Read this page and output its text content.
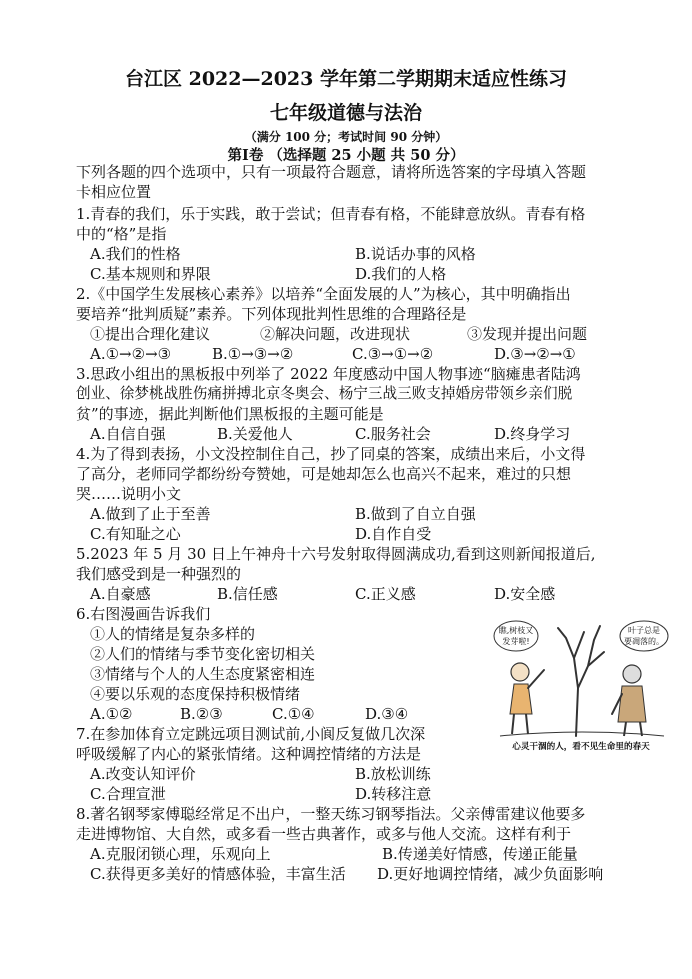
台江区 2022—2023 学年第二学期期末适应性练习
七年级道德与法治
（满分 100 分；考试时间 90 分钟）
第Ⅰ卷 （选择题 25 小题 共 50 分）
下列各题的四个选项中，只有一项最符合题意，请将所选答案的字母填入答题
卡相应位置
1.青春的我们，乐于实践，敢于尝试；但青春有格，不能肆意放纵。青春有格
中的“格”是指
A.我们的性格	B.说话办事的风格
C.基本规则和界限	D.我们的人格
2.《中国学生发展核心素养》以培养“全面发展的人”为核心，其中明确指出
要培养“批判质疑”素养。下列体现批判性思维的合理路径是
①提出合理化建议	②解决问题，改进现状	③发现并提出问题
A.①→②→③	B.①→③→②	C.③→①→②	D.③→②→①
3.思政小组出的黑板报中列举了 2022 年度感动中国人物事迹“脑瘫患者陆鸿
创业、徐梦桃战胜伤痛拼搏北京冬奥会、杨宁三战三败支掉婚房带领乡亲们脱
贫”的事迹，据此判断他们黑板报的主题可能是
A.自信自强	B.关爱他人	C.服务社会	D.终身学习
4.为了得到表扬，小文没控制住自己，抄了同桌的答案，成绩出来后，小文得
了高分，老师同学都纷纷夸赞她，可是她却怎么也高兴不起来，难过的只想
哭……说明小文
A.做到了止于至善	B.做到了自立自强
C.有知耻之心	D.自作自受
5.2023 年 5 月 30 日上午神舟十六号发射取得圆满成功,看到这则新闻报道后,
我们感受到是一种强烈的
A.自豪感	B.信任感	C.正义感	D.安全感
6.右图漫画告诉我们
①人的情绪是复杂多样的
②人们的情绪与季节变化密切相关
③情绪与个人的人生态度紧密相连
④要以乐观的态度保持积极情绪
A.①②	B.②③	C.①④	D.③④
瞧,树枝又
发芽啦!
叶子总是
要凋落的。
心灵干涸的人，看不见生命里的春天
7.在参加体育立定跳远项目测试前,小阆反复做几次深
呼吸缓解了内心的紧张情绪。这种调控情绪的方法是
A.改变认知评价	B.放松训练
C.合理宣泄	D.转移注意
8.著名钢琴家傅聪经常足不出户，一整天练习钢琴指法。父亲傅雷建议他要多
走进博物馆、大自然，或多看一些古典著作，或多与他人交流。这样有利于
A.克服闭锁心理，乐观向上	B.传递美好情感，传递正能量
C.获得更多美好的情感体验，丰富生活 D.更好地调控情绪，减少负面影响
